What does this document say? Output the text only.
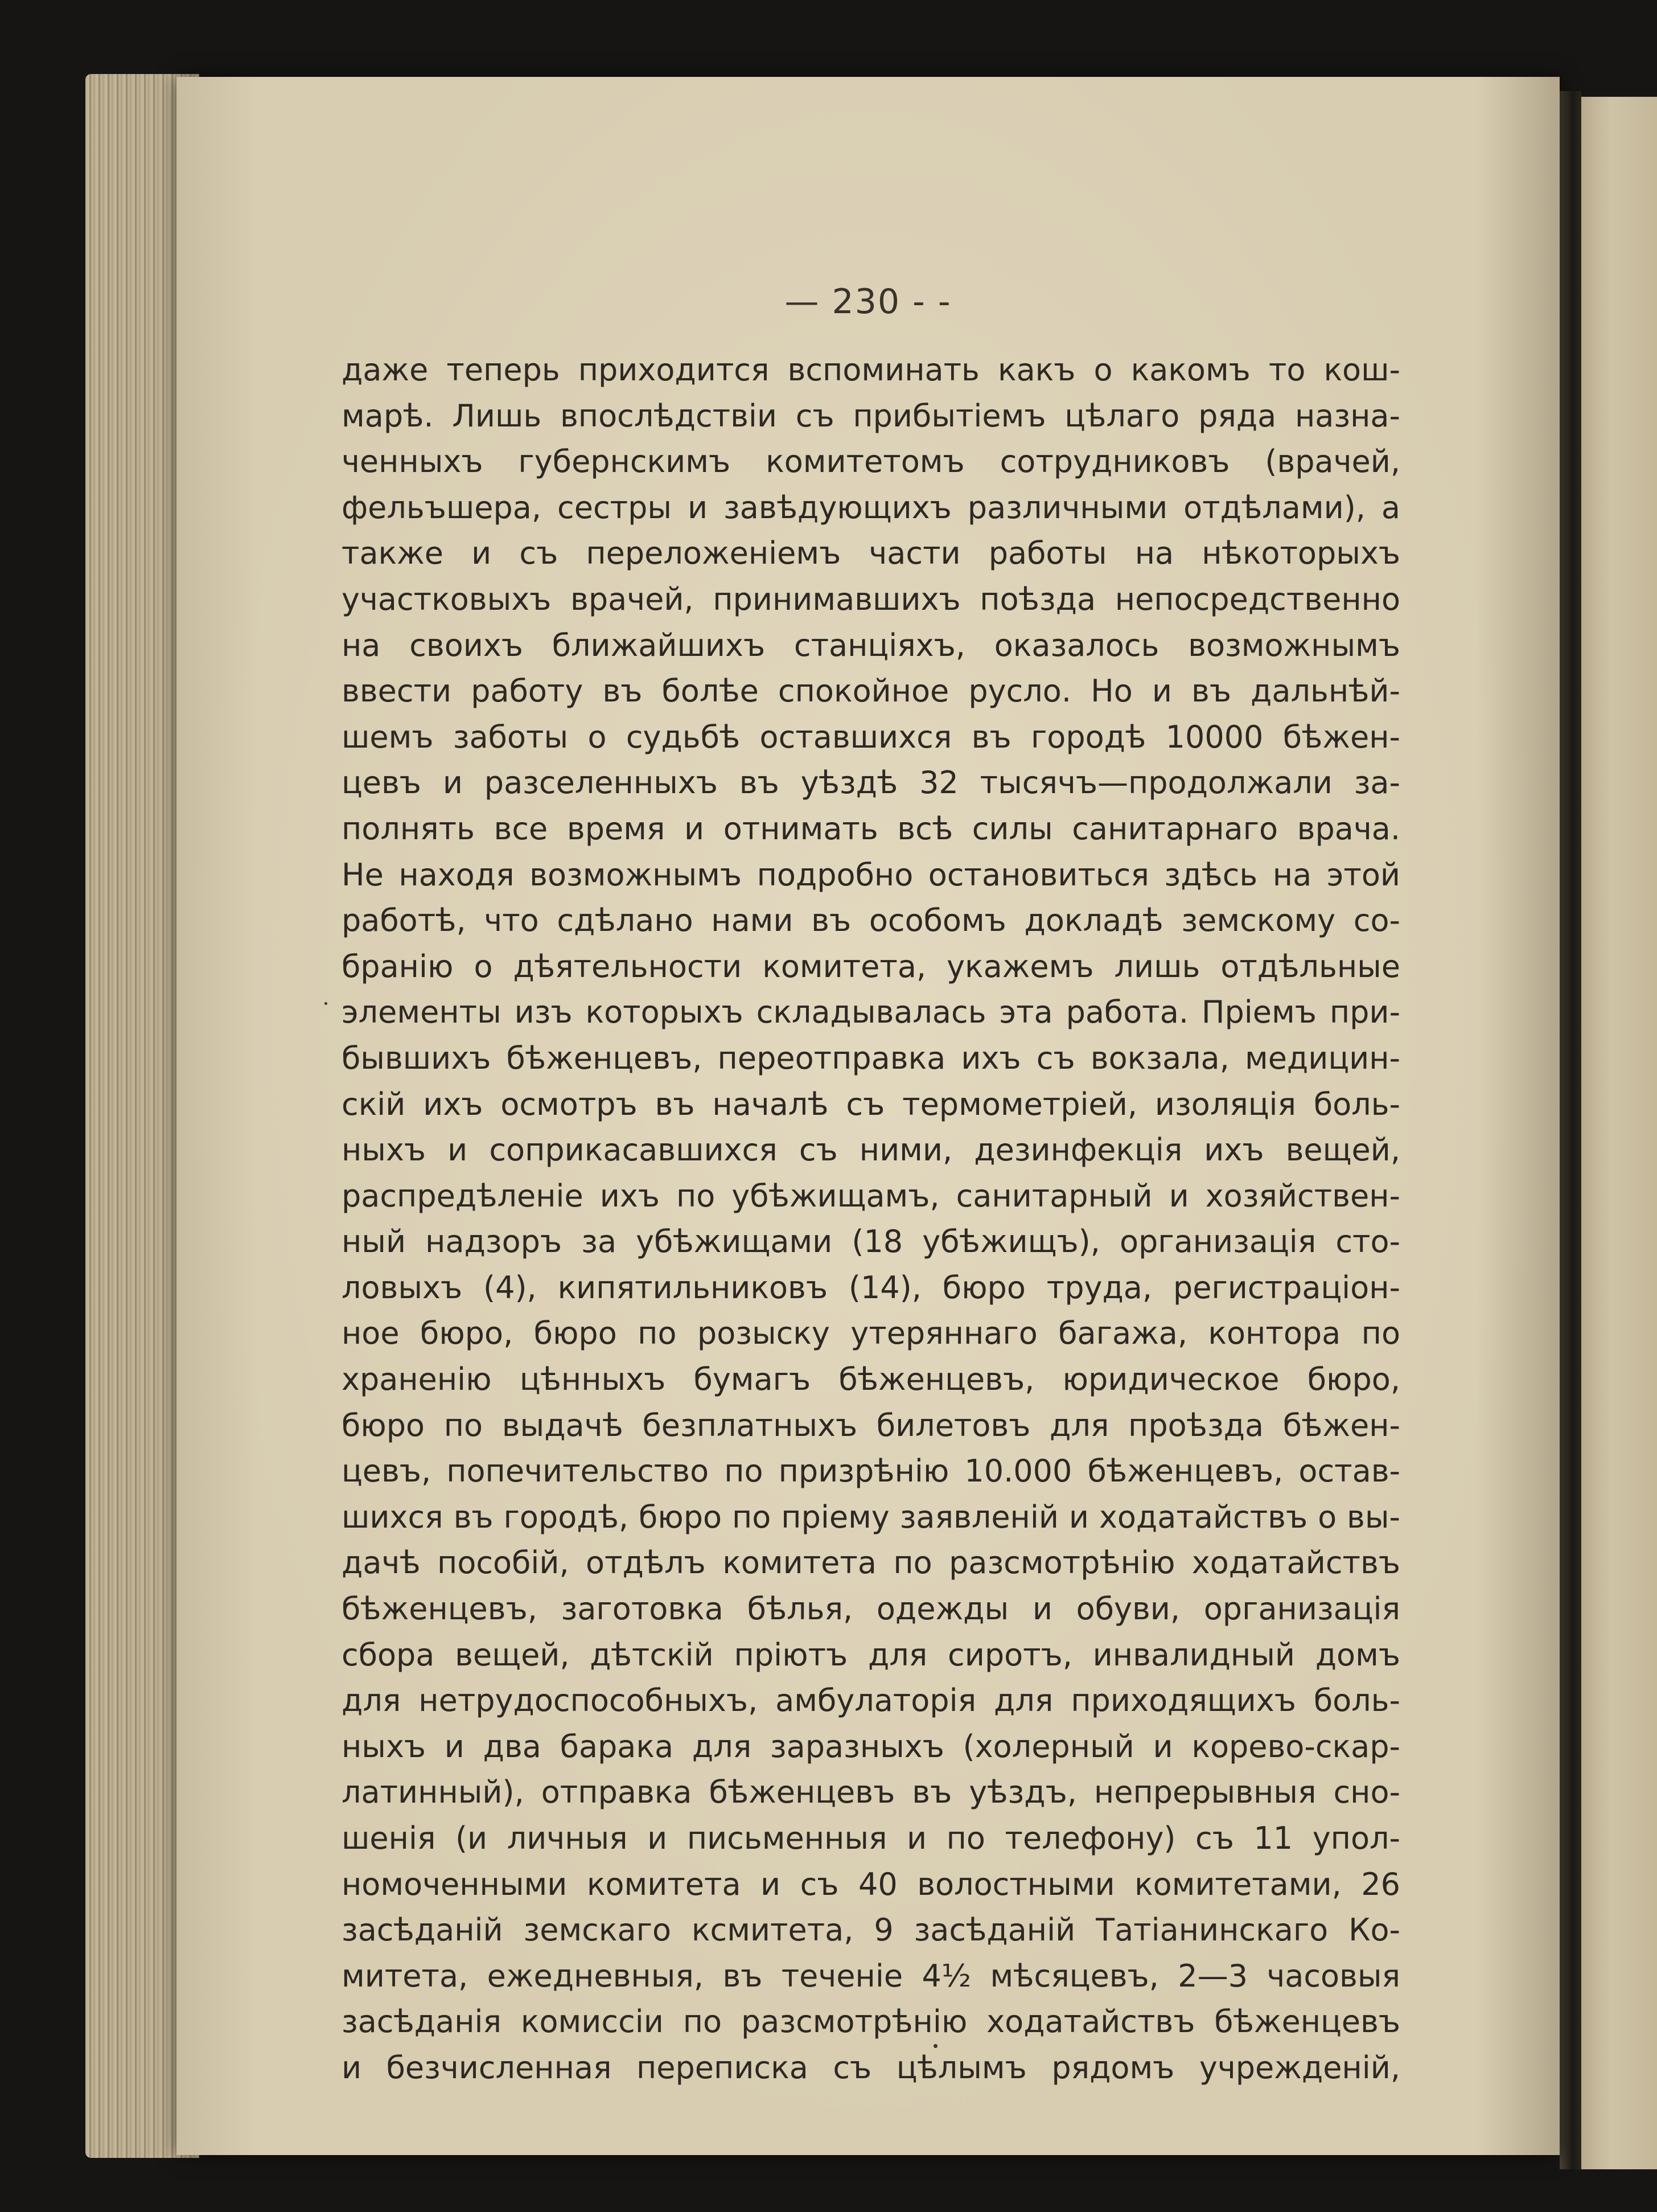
— 230 - -
даже теперь приходится вспоминать какъ о какомъ то кош-
марѣ. Лишь впослѣдствіи съ прибытіемъ цѣлаго ряда назна-
ченныхъ губернскимъ комитетомъ сотрудниковъ (врачей,
фельъшера, сестры и завѣдующихъ различными отдѣлами), а
также и съ переложеніемъ части работы на нѣкоторыхъ
участковыхъ врачей, принимавшихъ поѣзда непосредственно
на своихъ ближайшихъ станціяхъ, оказалось возможнымъ
ввести работу въ болѣе спокойное русло. Но и въ дальнѣй-
шемъ заботы о судьбѣ оставшихся въ городѣ 10000 бѣжен-
цевъ и разселенныхъ въ уѣздѣ 32 тысячъ—продолжали за-
полнять все время и отнимать всѣ силы санитарнаго врача.
Не находя возможнымъ подробно остановиться здѣсь на этой
работѣ, что сдѣлано нами въ особомъ докладѣ земскому со-
бранію о дѣятельности комитета, укажемъ лишь отдѣльные
элементы изъ которыхъ складывалась эта работа. Пріемъ при-
бывшихъ бѣженцевъ, переотправка ихъ съ вокзала, медицин-
скій ихъ осмотръ въ началѣ съ термометріей, изоляція боль-
ныхъ и соприкасавшихся съ ними, дезинфекція ихъ вещей,
распредѣленіе ихъ по убѣжищамъ, санитарный и хозяйствен-
ный надзоръ за убѣжищами (18 убѣжищъ), организація сто-
ловыхъ (4), кипятильниковъ (14), бюро труда, регистраціон-
ное бюро, бюро по розыску утеряннаго багажа, контора по
храненію цѣнныхъ бумагъ бѣженцевъ, юридическое бюро,
бюро по выдачѣ безплатныхъ билетовъ для проѣзда бѣжен-
цевъ, попечительство по призрѣнію 10.000 бѣженцевъ, остав-
шихся въ городѣ, бюро по пріему заявленій и ходатайствъ о вы-
дачѣ пособій, отдѣлъ комитета по разсмотрѣнію ходатайствъ
бѣженцевъ, заготовка бѣлья, одежды и обуви, организація
сбора вещей, дѣтскій пріютъ для сиротъ, инвалидный домъ
для нетрудоспособныхъ, амбулаторія для приходящихъ боль-
ныхъ и два барака для заразныхъ (холерный и корево-скар-
латинный), отправка бѣженцевъ въ уѣздъ, непрерывныя сно-
шенія (и личныя и письменныя и по телефону) съ 11 упол-
номоченными комитета и съ 40 волостными комитетами, 26
засѣданій земскаго ксмитета, 9 засѣданій Татіанинскаго Ко-
митета, ежедневныя, въ теченіе 4½ мѣсяцевъ, 2—3 часовыя
засѣданія комиссіи по разсмотрѣнію ходатайствъ бѣженцевъ
и безчисленная переписка съ цѣлымъ рядомъ учрежденій,
